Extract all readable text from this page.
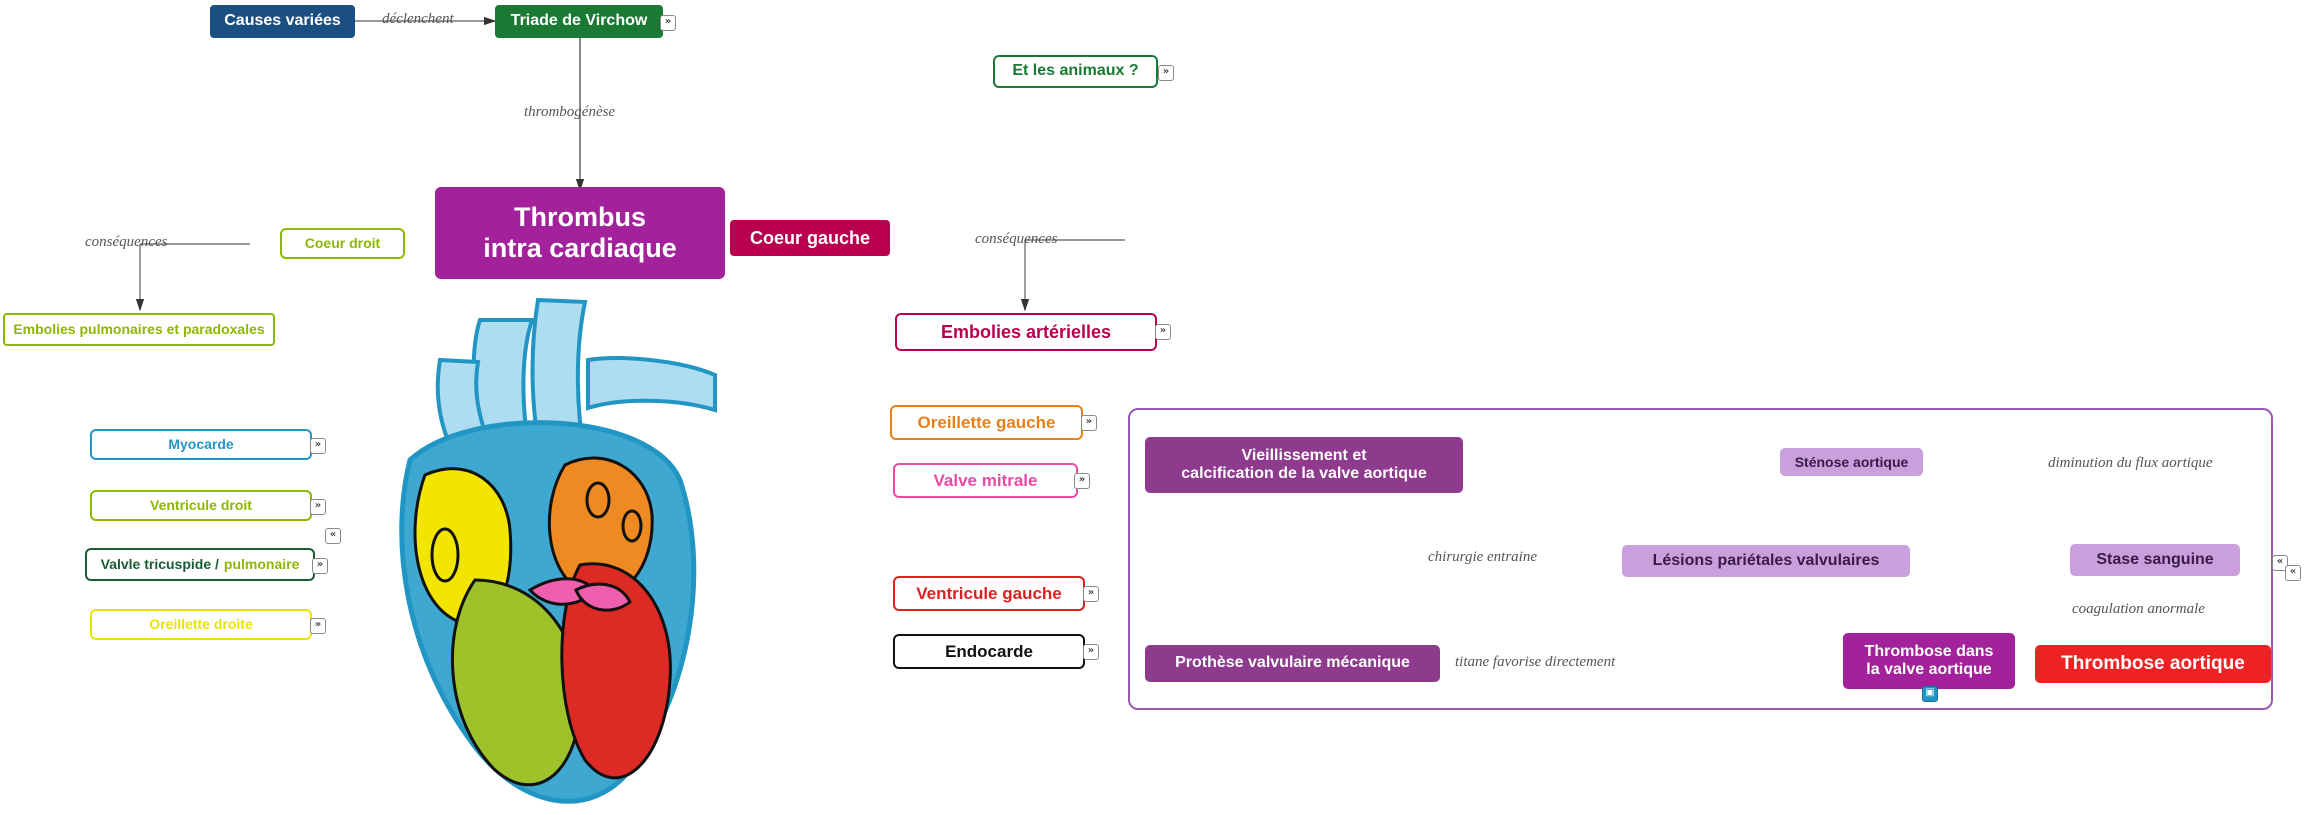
Causes variées	déclenchent	Triade de Virchow	»
thrombogénèse
Et les animaux ?	»
Thrombus
intra cardiaque
Coeur droit
conséquences
Embolies pulmonaires et paradoxales
Coeur gauche	conséquences
Embolies artérielles	»
Myocarde	»
Ventricule droit	»
«
Valvle tricuspide / pulmonaire	»
Oreillette droite	»
Oreillette gauche	»
Valve mitrale	»
Ventricule gauche	»
Endocarde	»
Vieillissement et
calcification de la valve aortique
Sténose aortique	diminution du flux aortique
Lésions pariétales valvulaires
chirurgie entraine	Stase sanguine	«
«
coagulation anormale
Prothèse valvulaire mécanique	titane favorise directement
Thrombose dans
la valve aortique
▣
Thrombose aortique
